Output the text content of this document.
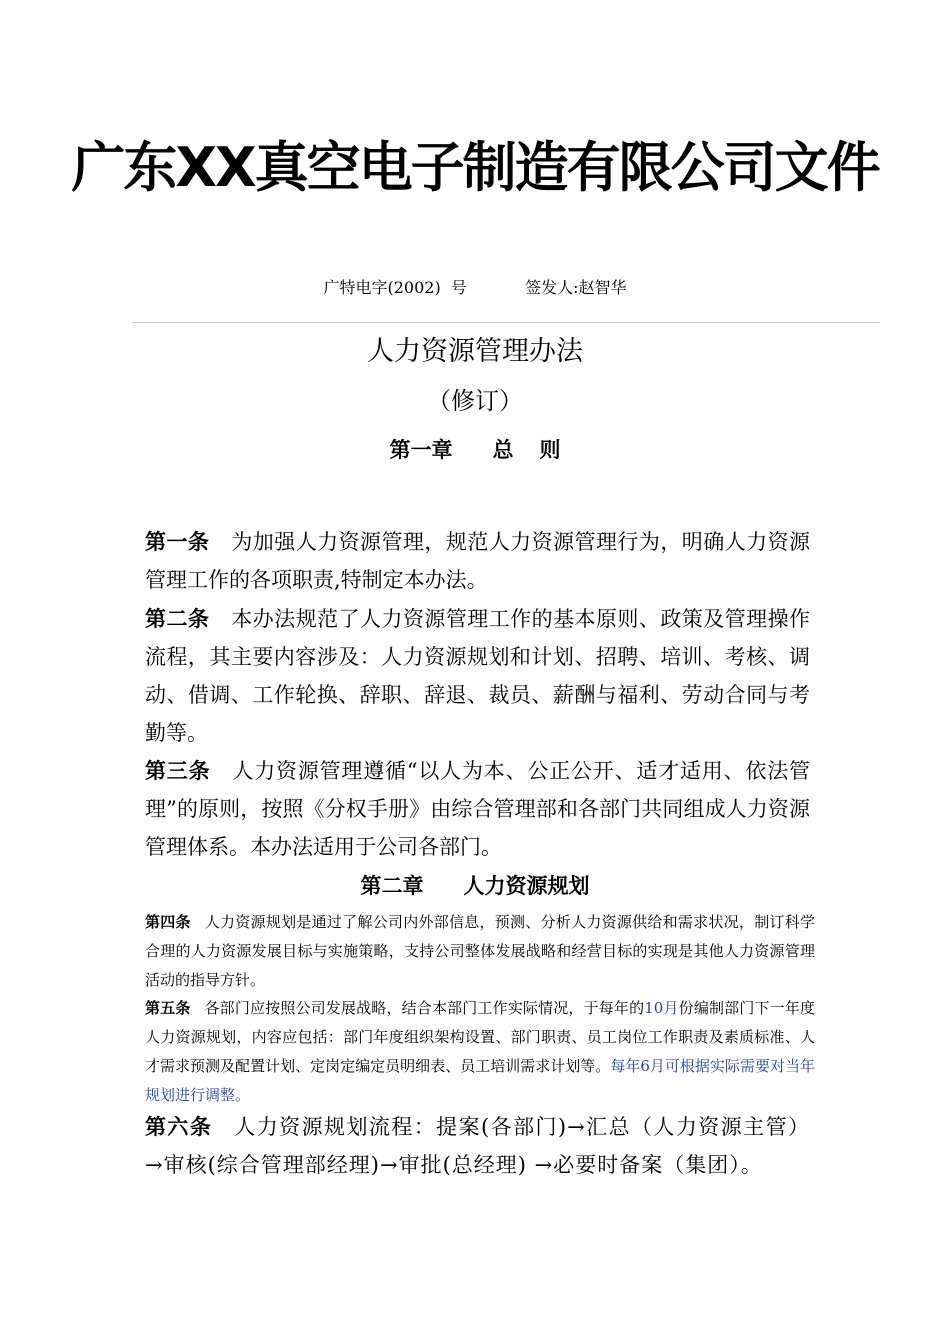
广东XX真空电子制造有限公司文件
广特电字(2002)  号	签发人:赵智华
人力资源管理办法
（修订）
第一章 总 则
第一条 为加强人力资源管理，规范人力资源管理行为，明确人力资源管理工作的各项职责,特制定本办法。
第二条 本办法规范了人力资源管理工作的基本原则、政策及管理操作流程，其主要内容涉及：人力资源规划和计划、招聘、培训、考核、调动、借调、工作轮换、辞职、辞退、裁员、薪酬与福利、劳动合同与考勤等。
第三条 人力资源管理遵循“以人为本、公正公开、适才适用、依法管理”的原则，按照《分权手册》由综合管理部和各部门共同组成人力资源管理体系。本办法适用于公司各部门。
第二章 人力资源规划
第四条 人力资源规划是通过了解公司内外部信息，预测、分析人力资源供给和需求状况，制订科学合理的人力资源发展目标与实施策略，支持公司整体发展战略和经营目标的实现是其他人力资源管理活动的指导方针。
第五条 各部门应按照公司发展战略，结合本部门工作实际情况，于每年的10月份编制部门下一年度人力资源规划，内容应包括：部门年度组织架构设置、部门职责、员工岗位工作职责及素质标准、人才需求预测及配置计划、定岗定编定员明细表、员工培训需求计划等。每年6月可根据实际需要对当年规划进行调整。
第六条 人力资源规划流程：提案(各部门)→汇总（人力资源主管）→审核(综合管理部经理)→审批(总经理) →必要时备案（集团）。
